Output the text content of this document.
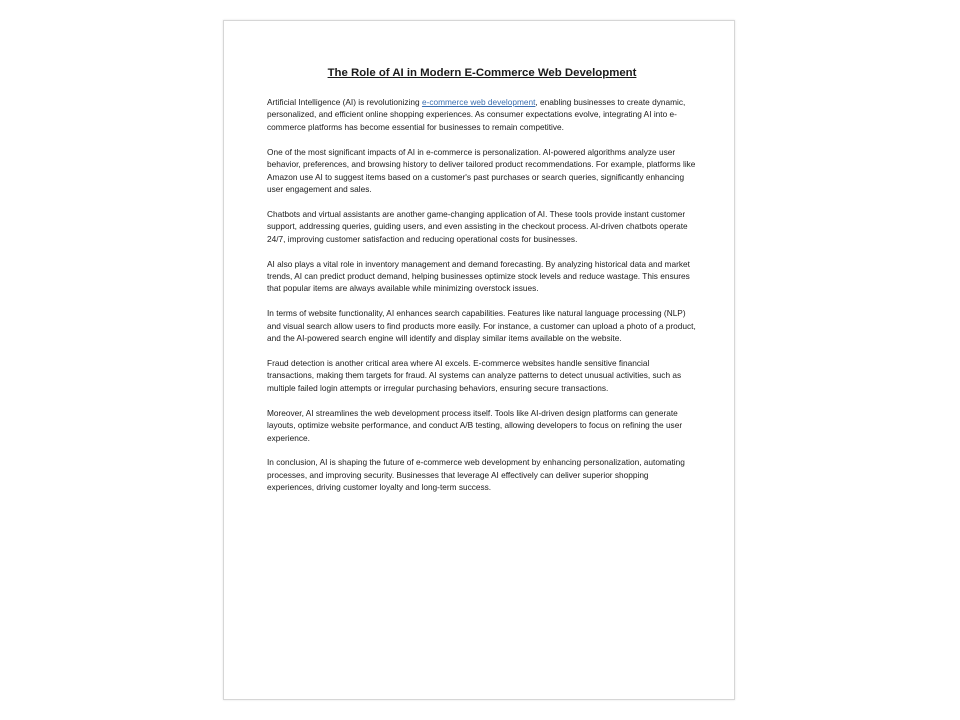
The Role of AI in Modern E-Commerce Web Development

Artificial Intelligence (AI) is revolutionizing e-commerce web development, enabling businesses to create dynamic, personalized, and efficient online shopping experiences. As consumer expectations evolve, integrating AI into e-commerce platforms has become essential for businesses to remain competitive.

One of the most significant impacts of AI in e-commerce is personalization. AI-powered algorithms analyze user behavior, preferences, and browsing history to deliver tailored product recommendations. For example, platforms like Amazon use AI to suggest items based on a customer's past purchases or search queries, significantly enhancing user engagement and sales.

Chatbots and virtual assistants are another game-changing application of AI. These tools provide instant customer support, addressing queries, guiding users, and even assisting in the checkout process. AI-driven chatbots operate 24/7, improving customer satisfaction and reducing operational costs for businesses.

AI also plays a vital role in inventory management and demand forecasting. By analyzing historical data and market trends, AI can predict product demand, helping businesses optimize stock levels and reduce wastage. This ensures that popular items are always available while minimizing overstock issues.

In terms of website functionality, AI enhances search capabilities. Features like natural language processing (NLP) and visual search allow users to find products more easily. For instance, a customer can upload a photo of a product, and the AI-powered search engine will identify and display similar items available on the website.

Fraud detection is another critical area where AI excels. E-commerce websites handle sensitive financial transactions, making them targets for fraud. AI systems can analyze patterns to detect unusual activities, such as multiple failed login attempts or irregular purchasing behaviors, ensuring secure transactions.

Moreover, AI streamlines the web development process itself. Tools like AI-driven design platforms can generate layouts, optimize website performance, and conduct A/B testing, allowing developers to focus on refining the user experience.

In conclusion, AI is shaping the future of e-commerce web development by enhancing personalization, automating processes, and improving security. Businesses that leverage AI effectively can deliver superior shopping experiences, driving customer loyalty and long-term success.
